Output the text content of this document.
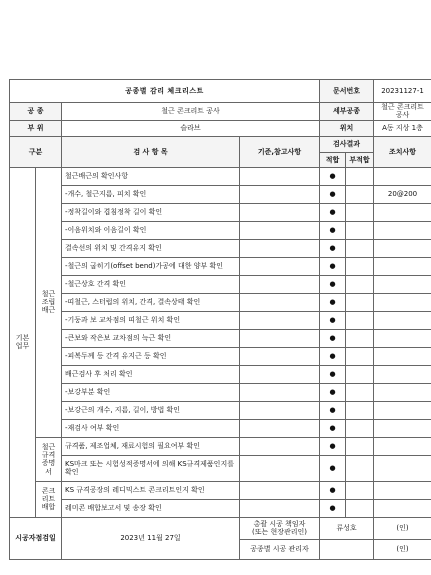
공종별 감리 체크리스트				문서번호		20231127-1
공 종		철근 콘크리트 공사		세부공종		철근 콘크리트 공사
부 위		슬라브		위치		A동 지상 1층
구분		검 사 항 목	기준,참고사항	검사결과		조치사항
				적합	부적합	
기본업무	철근조립배근	철근배근의 확인사항		●		
		-개수, 철근지름, 피치 확인		●		20@200
		-정착길이와 겹침정착 길이 확인		●		
		-이음위치와 이음길이 확인		●		
		결속선의 위치 및 간격유지 확인		●		
		-철근의 굽히기(offset bend)가공에 대한 양부 확인		●		
		-철근상호 간격 확인		●		
		-띠철근, 스터럽의 위치, 간격, 결속상태 확인		●		
		-기둥과 보 교차점의 띠철근 위치 확인		●		
		-큰보와 작은보 교차점의 늑근 확인		●		
		-피복두께 등 간격 유지근 등 확인		●		
		배근검사 후 처리 확인		●		
		-보강부분 확인		●		
		-보강근의 개수, 지름, 길이, 방법 확인		●		
		-재검사 여부 확인		●		
	철근규격증명서	규격품, 제조업체, 재료시험의 필요여부 확인		●		
		KS마크 또는 시험성적증명서에 의해 KS규격제품인지를 확인		●		
	콘크리트배합	KS 규격공장의 레디믹스트 콘크리트인지 확인		●		
		레미콘 배합보고서 및 송장 확인		●		
시공자점검일		2023년 11월 27일	총괄 시공 책임자
(또는 현장관리인)	류성호		(인)
			공종별 시공 관리자			(인)
